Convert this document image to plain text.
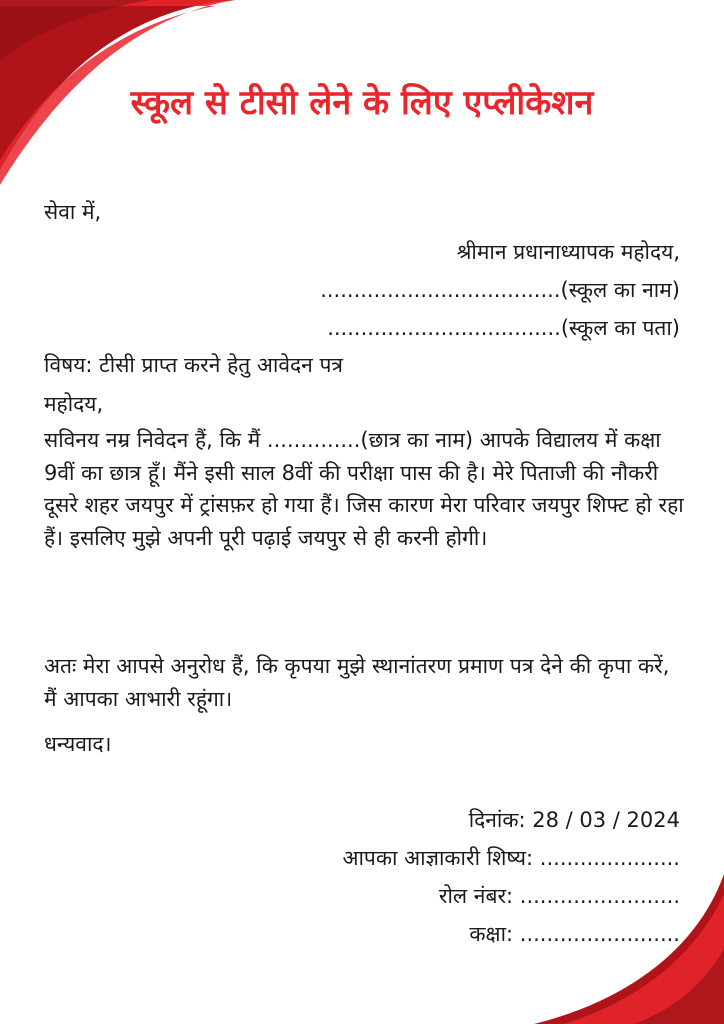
स्कूल से टीसी लेने के लिए एप्लीकेशन
सेवा में,
श्रीमान प्रधानाध्यापक महोदय,
....................................(स्कूल का नाम)
...................................(स्कूल का पता)
विषय: टीसी प्राप्त करने हेतु आवेदन पत्र
महोदय,
सविनय नम्र निवेदन हैं, कि मैं ..............(छात्र का नाम) आपके विद्यालय में कक्षा 9वीं का छात्र हूँ। मैंने इसी साल 8वीं की परीक्षा पास की है। मेरे पिताजी की नौकरी दूसरे शहर जयपुर में ट्रांसफ़र हो गया हैं। जिस कारण मेरा परिवार जयपुर शिफ्ट हो रहा हैं। इसलिए मुझे अपनी पूरी पढ़ाई जयपुर से ही करनी होगी।
अतः मेरा आपसे अनुरोध हैं, कि कृपया मुझे स्थानांतरण प्रमाण पत्र देने की कृपा करें, मैं आपका आभारी रहूंगा।
धन्यवाद।
दिनांक: 28 / 03 / 2024
आपका आज्ञाकारी शिष्य: .....................
रोल नंबर: ........................
कक्षा: ........................
